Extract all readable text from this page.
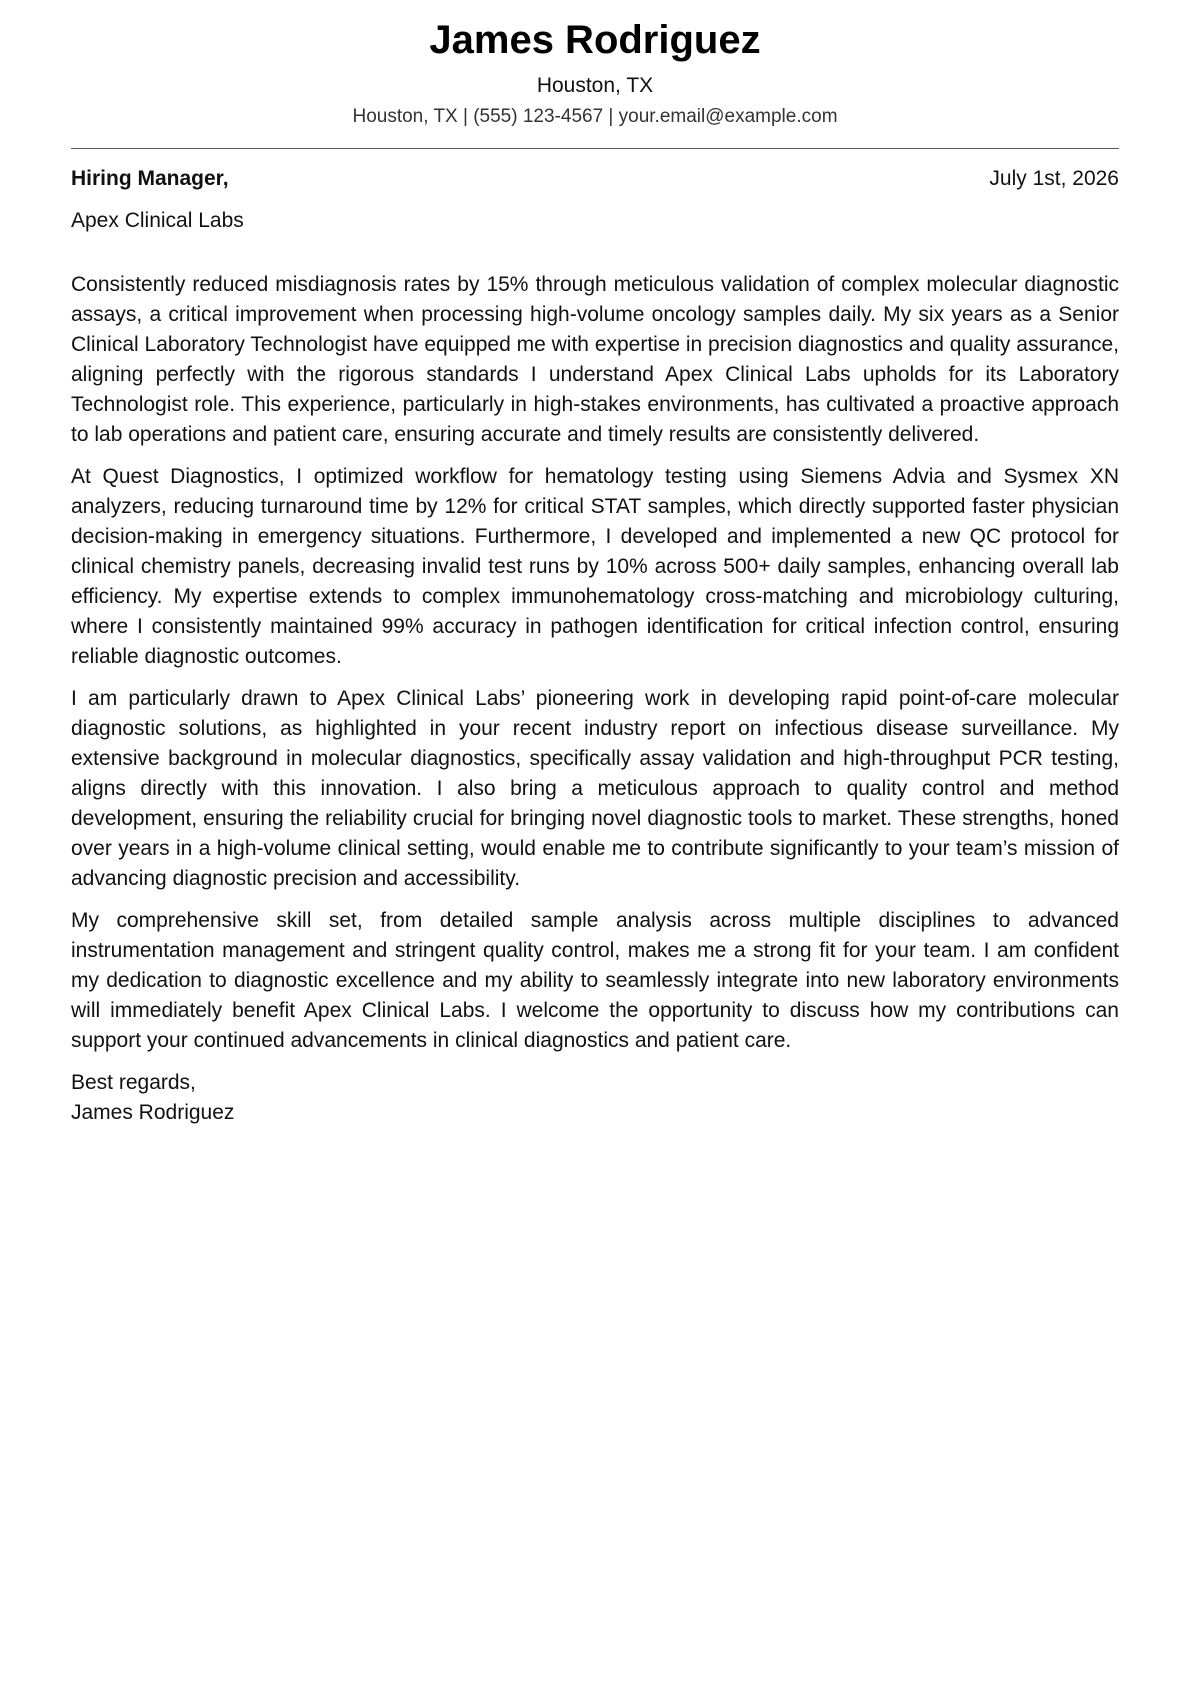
James Rodriguez
Houston, TX
Houston, TX | (555) 123-4567 | your.email@example.com
Hiring Manager,	July 1st, 2026
Apex Clinical Labs

Consistently reduced misdiagnosis rates by 15% through meticulous validation of complex molecular diagnostic assays, a critical improvement when processing high-volume oncology samples daily. My six years as a Senior Clinical Laboratory Technologist have equipped me with expertise in precision diagnostics and quality assurance, aligning perfectly with the rigorous standards I understand Apex Clinical Labs upholds for its Laboratory Technologist role. This experience, particularly in high-stakes environments, has cultivated a proactive approach to lab operations and patient care, ensuring accurate and timely results are consistently delivered.

At Quest Diagnostics, I optimized workflow for hematology testing using Siemens Advia and Sysmex XN analyzers, reducing turnaround time by 12% for critical STAT samples, which directly supported faster physician decision-making in emergency situations. Furthermore, I developed and implemented a new QC protocol for clinical chemistry panels, decreasing invalid test runs by 10% across 500+ daily samples, enhancing overall lab efficiency. My expertise extends to complex immunohematology cross-matching and microbiology culturing, where I consistently maintained 99% accuracy in pathogen identification for critical infection control, ensuring reliable diagnostic outcomes.

I am particularly drawn to Apex Clinical Labs’ pioneering work in developing rapid point-of-care molecular diagnostic solutions, as highlighted in your recent industry report on infectious disease surveillance. My extensive background in molecular diagnostics, specifically assay validation and high-throughput PCR testing, aligns directly with this innovation. I also bring a meticulous approach to quality control and method development, ensuring the reliability crucial for bringing novel diagnostic tools to market. These strengths, honed over years in a high-volume clinical setting, would enable me to contribute significantly to your team’s mission of advancing diagnostic precision and accessibility.

My comprehensive skill set, from detailed sample analysis across multiple disciplines to advanced instrumentation management and stringent quality control, makes me a strong fit for your team. I am confident my dedication to diagnostic excellence and my ability to seamlessly integrate into new laboratory environments will immediately benefit Apex Clinical Labs. I welcome the opportunity to discuss how my contributions can support your continued advancements in clinical diagnostics and patient care.

Best regards,
James Rodriguez
